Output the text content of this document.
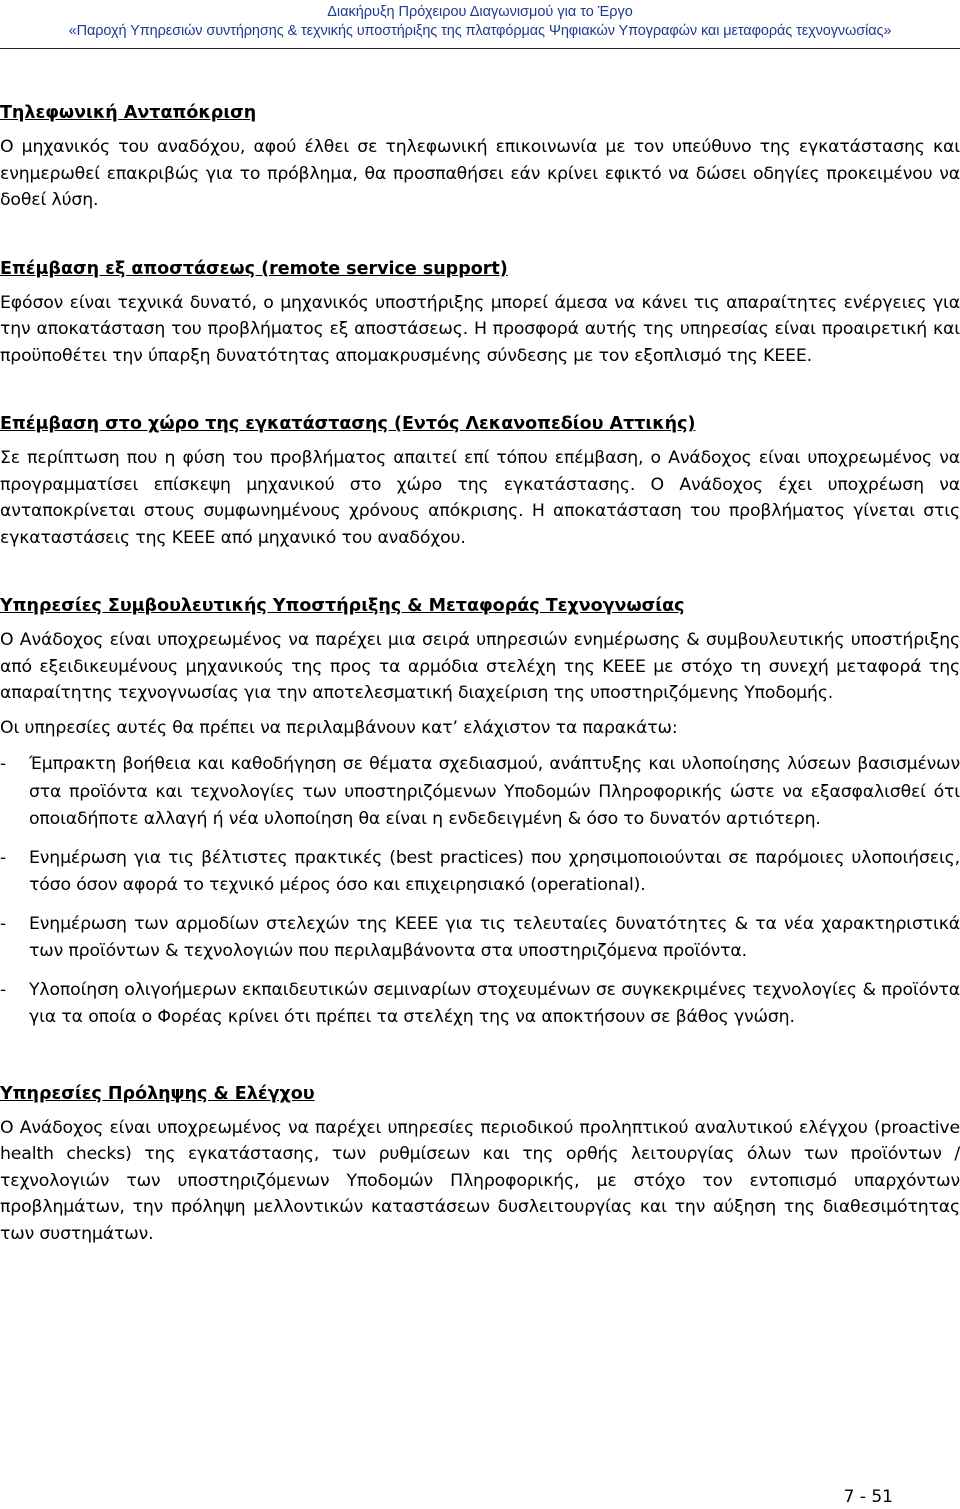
Διακήρυξη Πρόχειρου Διαγωνισμού για το Έργο
«Παροχή Υπηρεσιών συντήρησης & τεχνικής υποστήριξης της πλατφόρμας Ψηφιακών Υπογραφών και μεταφοράς τεχνογνωσίας»
Τηλεφωνική Ανταπόκριση

Ο μηχανικός του αναδόχου, αφού έλθει σε τηλεφωνική επικοινωνία με τον υπεύθυνο της εγκατάστασης και ενημερωθεί επακριβώς για το πρόβλημα, θα προσπαθήσει εάν κρίνει εφικτό να δώσει οδηγίες προκειμένου να δοθεί λύση.

Επέμβαση εξ αποστάσεως (remote service support)

Εφόσον είναι τεχνικά δυνατό, ο μηχανικός υποστήριξης μπορεί άμεσα να κάνει τις απαραίτητες ενέργειες για την αποκατάσταση του προβλήματος εξ αποστάσεως. Η προσφορά αυτής της υπηρεσίας είναι προαιρετική και προϋποθέτει την ύπαρξη δυνατότητας απομακρυσμένης σύνδεσης με τον εξοπλισμό της ΚΕΕΕ.

Επέμβαση στο χώρο της εγκατάστασης (Εντός Λεκανοπεδίου Αττικής)

Σε περίπτωση που η φύση του προβλήματος απαιτεί επί τόπου επέμβαση, ο Ανάδοχος είναι υποχρεωμένος να προγραμματίσει επίσκεψη μηχανικού στο χώρο της εγκατάστασης. Ο Ανάδοχος έχει υποχρέωση να ανταποκρίνεται στους συμφωνημένους χρόνους απόκρισης. Η αποκατάσταση του προβλήματος γίνεται στις εγκαταστάσεις της ΚΕΕΕ από μηχανικό του αναδόχου.

Υπηρεσίες Συμβουλευτικής Υποστήριξης & Μεταφοράς Τεχνογνωσίας

Ο Ανάδοχος είναι υποχρεωμένος να παρέχει μια σειρά υπηρεσιών ενημέρωσης & συμβουλευτικής υποστήριξης από εξειδικευμένους μηχανικούς της προς τα αρμόδια στελέχη της ΚΕΕΕ με στόχο τη συνεχή μεταφορά της απαραίτητης τεχνογνωσίας για την αποτελεσματική διαχείριση της υποστηριζόμενης Υποδομής.

Οι υπηρεσίες αυτές θα πρέπει να περιλαμβάνουν κατ’ ελάχιστον τα παρακάτω:

- Έμπρακτη βοήθεια και καθοδήγηση σε θέματα σχεδιασμού, ανάπτυξης και υλοποίησης λύσεων βασισμένων στα προϊόντα και τεχνολογίες των υποστηριζόμενων Υποδομών Πληροφορικής ώστε να εξασφαλισθεί ότι οποιαδήποτε αλλαγή ή νέα υλοποίηση θα είναι η ενδεδειγμένη & όσο το δυνατόν αρτιότερη.
- Ενημέρωση για τις βέλτιστες πρακτικές (best practices) που χρησιμοποιούνται σε παρόμοιες υλοποιήσεις, τόσο όσον αφορά το τεχνικό μέρος όσο και επιχειρησιακό (operational).
- Ενημέρωση των αρμοδίων στελεχών της ΚΕΕΕ για τις τελευταίες δυνατότητες & τα νέα χαρακτηριστικά των προϊόντων & τεχνολογιών που περιλαμβάνοντα στα υποστηριζόμενα προϊόντα.
- Υλοποίηση ολιγοήμερων εκπαιδευτικών σεμιναρίων στοχευμένων σε συγκεκριμένες τεχνολογίες & προϊόντα για τα οποία ο Φορέας κρίνει ότι πρέπει τα στελέχη της να αποκτήσουν σε βάθος γνώση.
Υπηρεσίες Πρόληψης & Ελέγχου

Ο Ανάδοχος είναι υποχρεωμένος να παρέχει υπηρεσίες περιοδικού προληπτικού αναλυτικού ελέγχου (proactive health checks) της εγκατάστασης, των ρυθμίσεων και της ορθής λειτουργίας όλων των προϊόντων / τεχνολογιών των υποστηριζόμενων Υποδομών Πληροφορικής, με στόχο τον εντοπισμό υπαρχόντων προβλημάτων, την πρόληψη μελλοντικών καταστάσεων δυσλειτουργίας και την αύξηση της διαθεσιμότητας των συστημάτων.

7 - 51
